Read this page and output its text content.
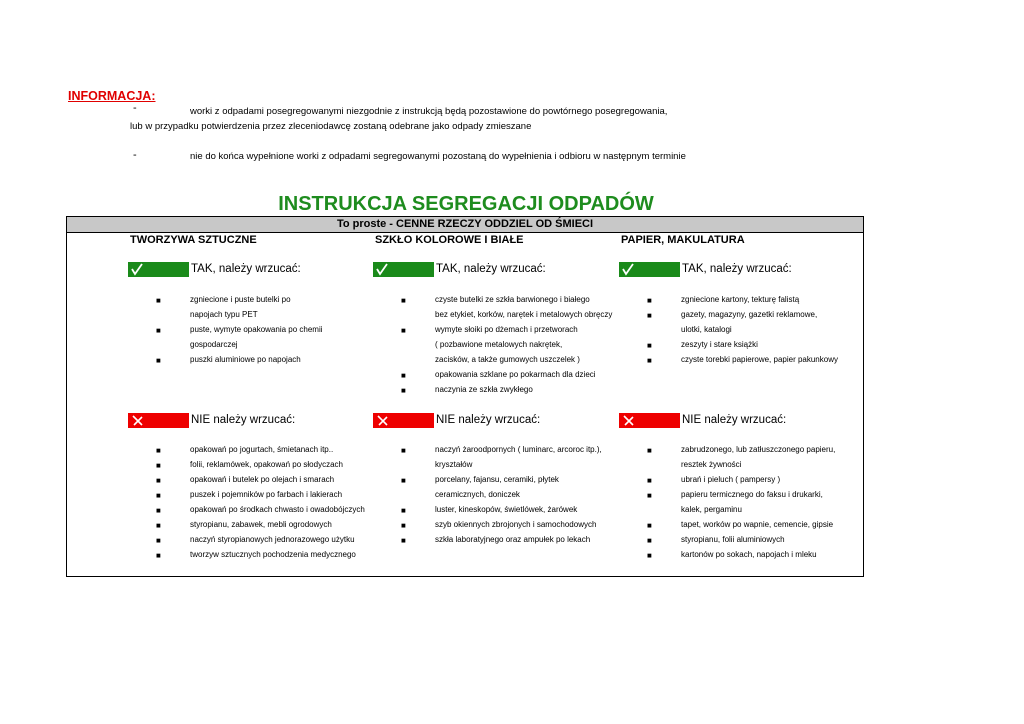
INFORMACJA:
-	worki z odpadami posegregowanymi niezgodnie z instrukcją będą pozostawione do powtórnego posegregowania,
lub w przypadku potwierdzenia przez zleceniodawcę zostaną odebrane jako odpady zmieszane
-	nie do końca wypełnione worki z odpadami segregowanymi pozostaną do wypełnienia i odbioru w następnym terminie
INSTRUKCJA SEGREGACJI ODPADÓW
To proste - CENNE RZECZY ODDZIEL OD ŚMIECI
TWORZYWA SZTUCZNE
TAK, należy wrzucać:
■	zgniecione i puste butelki po
napojach typu PET
■	puste, wymyte opakowania po chemii
gospodarczej
■	puszki aluminiowe po napojach
NIE należy wrzucać:
■	opakowań po jogurtach, śmietanach itp..
■	folii, reklamówek, opakowań po słodyczach
■	opakowań i butelek po olejach i smarach
■	puszek i pojemników po farbach i lakierach
■	opakowań po środkach chwasto i owadobójczych
■	styropianu, zabawek, mebli ogrodowych
■	naczyń styropianowych jednorazowego użytku
■	tworzyw sztucznych pochodzenia medycznego
SZKŁO KOLOROWE I BIAŁE
TAK, należy wrzucać:
■	czyste butelki ze szkła barwionego i białego
bez etykiet, korków, narętek i metalowych obręczy
■	wymyte słoiki po dżemach i przetworach
( pozbawione metalowych nakrętek,
zacisków, a także gumowych uszczelek )
■	opakowania szklane po pokarmach dla dzieci
■	naczynia ze szkła zwykłego
NIE należy wrzucać:
■	naczyń żaroodpornych ( luminarc, arcoroc itp.),
kryształów
■	porcelany, fajansu, ceramiki, płytek
ceramicznych, doniczek
■	luster, kineskopów, świetlówek, żarówek
■	szyb okiennych zbrojonych i samochodowych
■	szkła laboratyjnego oraz ampułek po lekach
PAPIER, MAKULATURA
TAK, należy wrzucać:
■	zgniecione kartony, tekturę falistą
■	gazety, magazyny, gazetki reklamowe,
ulotki, katalogi
■	zeszyty i stare książki
■	czyste torebki papierowe, papier pakunkowy
NIE należy wrzucać:
■	zabrudzonego, lub zatłuszczonego papieru,
resztek żywności
■	ubrań i pieluch ( pampersy )
■	papieru termicznego do faksu i drukarki,
kalek, pergaminu
■	tapet, worków po wapnie, cemencie, gipsie
■	styropianu, folii aluminiowych
■	kartonów po sokach, napojach i mleku
